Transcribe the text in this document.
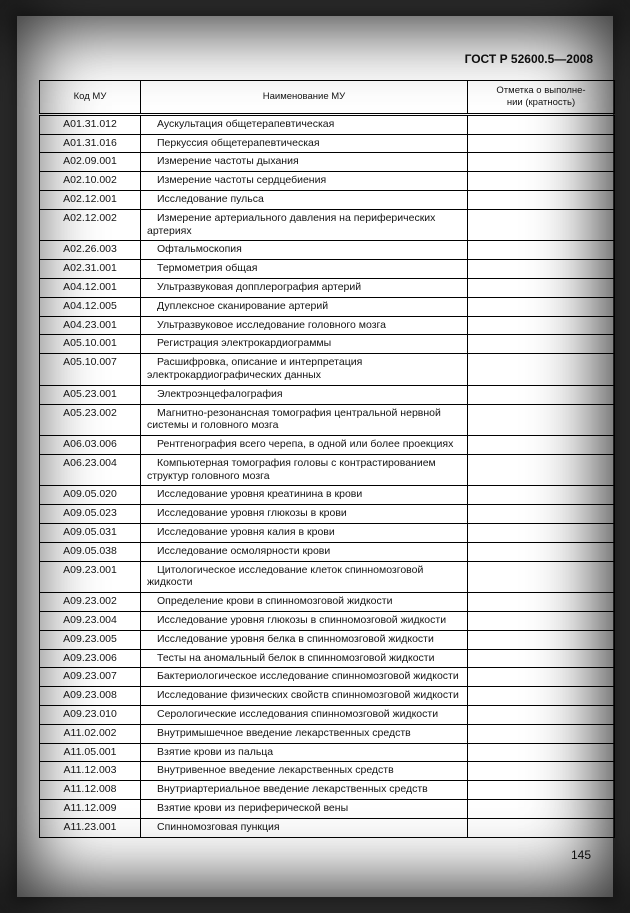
ГОСТ Р 52600.5—2008
Код МУ	Наименование МУ	Отметка о выполне-
нии (кратность)

A01.31.012	Аускультация общетерапевтическая	
A01.31.016	Перкуссия общетерапевтическая	
A02.09.001	Измерение частоты дыхания	
A02.10.002	Измерение частоты сердцебиения	
A02.12.001	Исследование пульса	
A02.12.002	Измерение артериального давления на периферических артериях	
A02.26.003	Офтальмоскопия	
A02.31.001	Термометрия общая	
A04.12.001	Ультразвуковая допплерография артерий	
A04.12.005	Дуплексное сканирование артерий	
A04.23.001	Ультразвуковое исследование головного мозга	
A05.10.001	Регистрация электрокардиограммы	
A05.10.007	Расшифровка, описание и интерпретация электрокардиографических данных	
A05.23.001	Электроэнцефалография	
A05.23.002	Магнитно-резонансная томография центральной нервной системы и головного мозга	
A06.03.006	Рентгенография всего черепа, в одной или более проекциях	
A06.23.004	Компьютерная томография головы с контрастированием структур головного мозга	
A09.05.020	Исследование уровня креатинина в крови	
A09.05.023	Исследование уровня глюкозы в крови	
A09.05.031	Исследование уровня калия в крови	
A09.05.038	Исследование осмолярности крови	
A09.23.001	Цитологическое исследование клеток спинномозговой жидкости	
A09.23.002	Определение крови в спинномозговой жидкости	
A09.23.004	Исследование уровня глюкозы в спинномозговой жидкости	
A09.23.005	Исследование уровня белка в спинномозговой жидкости	
A09.23.006	Тесты на аномальный белок в спинномозговой жидкости	
A09.23.007	Бактериологическое исследование спинномозговой жидкости	
A09.23.008	Исследование физических свойств спинномозговой жидкости	
A09.23.010	Серологические исследования спинномозговой жидкости	
A11.02.002	Внутримышечное введение лекарственных средств	
A11.05.001	Взятие крови из пальца	
A11.12.003	Внутривенное введение лекарственных средств	
A11.12.008	Внутриартериальное введение лекарственных средств	
A11.12.009	Взятие крови из периферической вены	
A11.23.001	Спинномозговая пункция	
145
